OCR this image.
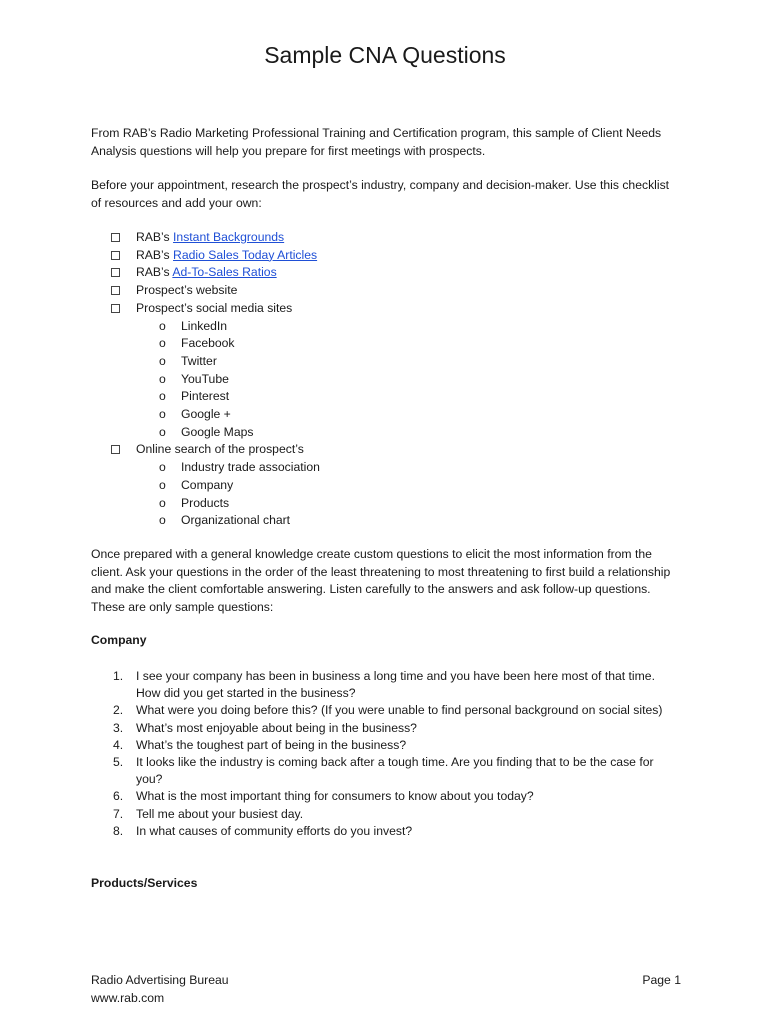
Sample CNA Questions

From RAB’s Radio Marketing Professional Training and Certification program, this sample of Client Needs Analysis questions will help you prepare for first meetings with prospects.

Before your appointment, research the prospect’s industry, company and decision-maker. Use this checklist of resources and add your own:

RAB’s Instant Backgrounds
RAB’s Radio Sales Today Articles
RAB’s Ad-To-Sales Ratios
Prospect’s website
Prospect’s social media sites
o LinkedIn
o Facebook
o Twitter
o YouTube
o Pinterest
o Google +
o Google Maps
Online search of the prospect’s
o Industry trade association
o Company
o Products
o Organizational chart

Once prepared with a general knowledge create custom questions to elicit the most information from the client. Ask your questions in the order of the least threatening to most threatening to first build a relationship and make the client comfortable answering. Listen carefully to the answers and ask follow-up questions. These are only sample questions:

Company

1. I see your company has been in business a long time and you have been here most of that time. How did you get started in the business?
2. What were you doing before this? (If you were unable to find personal background on social sites)
3. What’s most enjoyable about being in the business?
4. What’s the toughest part of being in the business?
5. It looks like the industry is coming back after a tough time. Are you finding that to be the case for you?
6. What is the most important thing for consumers to know about you today?
7. Tell me about your busiest day.
8. In what causes of community efforts do you invest?

Products/Services

Radio Advertising Bureau
www.rab.com
Page 1
